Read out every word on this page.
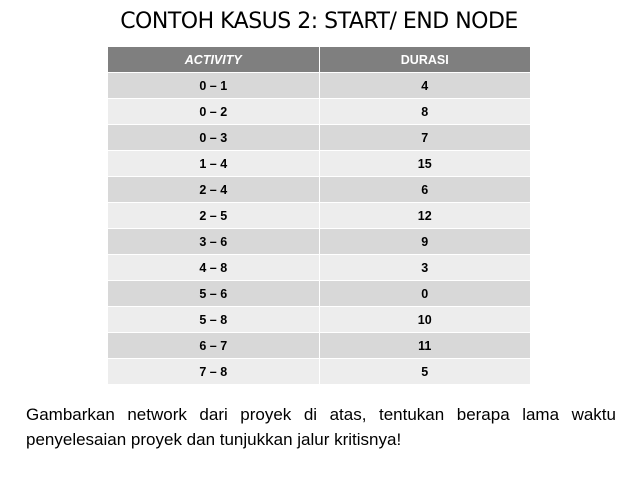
CONTOH KASUS 2: START/ END NODE
ACTIVITY	DURASI
0 – 1	4
0 – 2	8
0 – 3	7
1 – 4	15
2 – 4	6
2 – 5	12
3 – 6	9
4 – 8	3
5 – 6	0
5 – 8	10
6 – 7	11
7 – 8	5
Gambarkan network dari proyek di atas, tentukan berapa lama waktu penyelesaian proyek dan tunjukkan jalur kritisnya!
